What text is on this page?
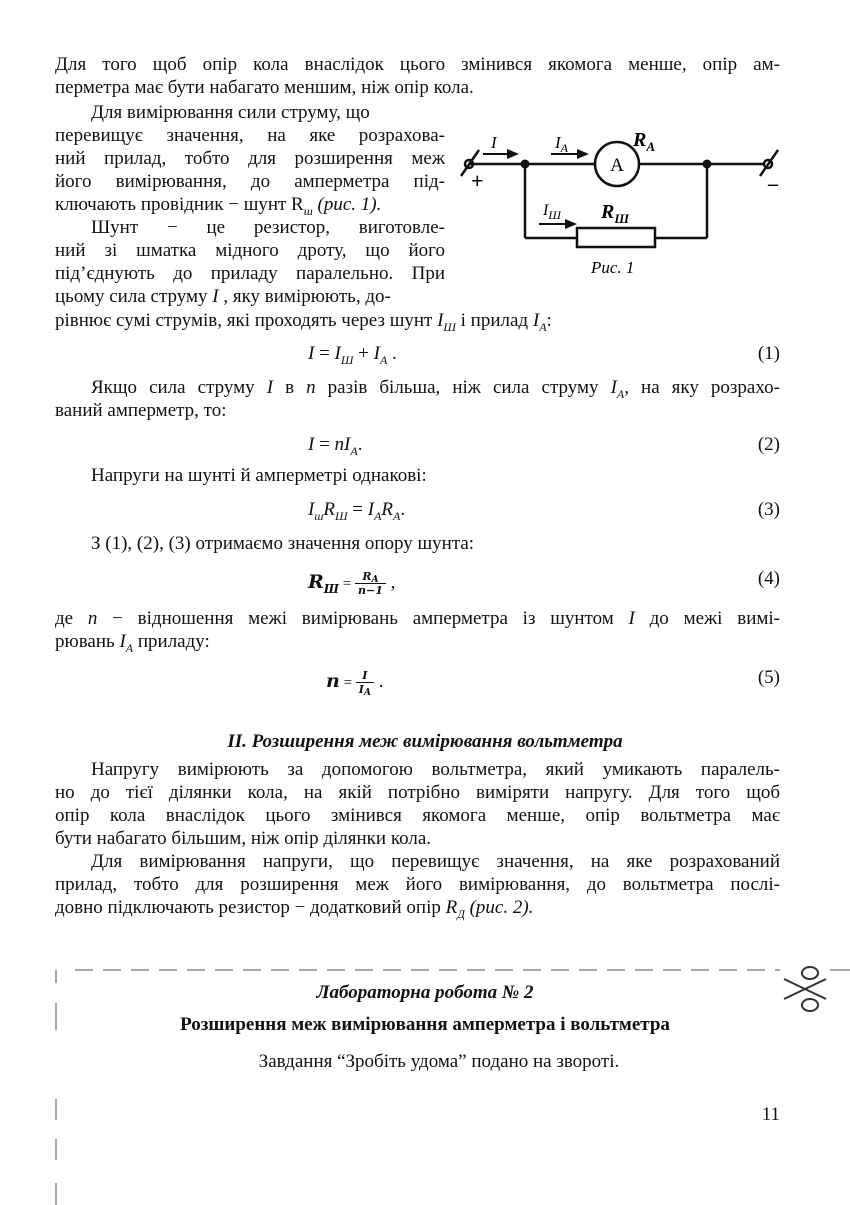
Для того щоб опір кола внаслідок цього змінився якомога менше, опір ам-
перметра має бути набагато меншим, ніж опір кола.
Для вимірювання сили струму, що
перевищує значення, на яке розрахова-
ний прилад, тобто для розширення меж
його вимірювання, до амперметра під-
ключають провідник − шунт $R_ш$ (рис. 1).
Шунт − це резистор, виготовле-
ний зі шматка мідного дроту, що його
під’єднують до приладу паралельно. При
цьому сила струму I , яку вимірюють, до-
рівнює сумі струмів, які проходять через шунт $I_Ш$ і прилад $I_А$:
I	$I_A$	$R_A$
A
$I_Ш$ $R_Ш$
+	–
Рис. 1
$I = I_Ш + I_А$ .	(1)
Якщо сила струму I в n разів більша, ніж сила струму $I_А$, на яку розрахо-
ваний амперметр, то:
$I = nI_А$.	(2)
Напруги на шунті й амперметрі однакові:
$I_шR_Ш = I_АR_А$.	(3)
З (1), (2), (3) отримаємо значення опору шунта:
$R_Ш = \frac{R_A}{n-1}$ ,	(4)
де n − відношення межі вимірювань амперметра із шунтом I до межі вимі-
рювань $I_А$ приладу:
$n = \frac{I}{I_A}$ .	(5)
II. Розширення меж вимірювання вольтметра
Напругу вимірюють за допомогою вольтметра, який умикають паралель-
но до тієї ділянки кола, на якій потрібно виміряти напругу. Для того щоб
опір кола внаслідок цього змінився якомога менше, опір вольтметра має
бути набагато більшим, ніж опір ділянки кола.
Для вимірювання напруги, що перевищує значення, на яке розрахований
прилад, тобто для розширення меж його вимірювання, до вольтметра послі-
довно підключають резистор − додатковий опір $R_Д$ (рис. 2).
Лабораторна робота № 2
Розширення меж вимірювання амперметра і вольтметра
Завдання “Зробіть удома” подано на звороті.
11
